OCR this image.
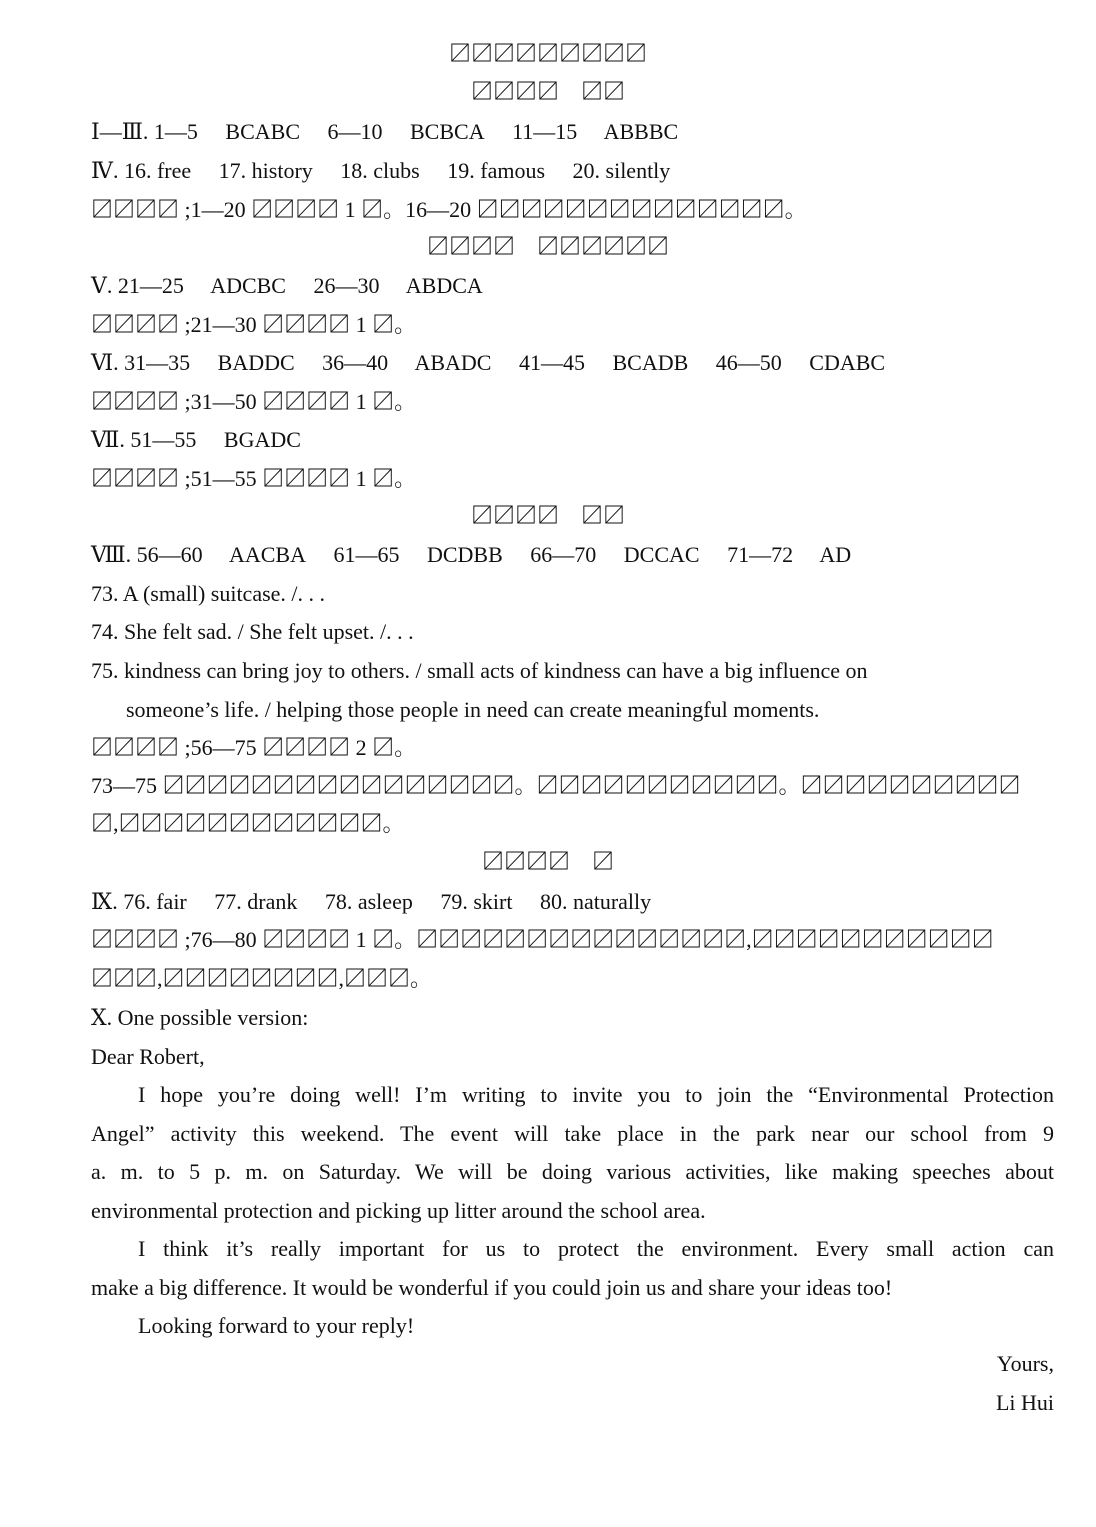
〼〼〼〼〼〼〼〼〼
〼〼〼〼　〼〼
Ⅰ—Ⅲ. 1—5 BCABC 6—10 BCBCA 11—15 ABBBC
Ⅳ. 16. free 17. history 18. clubs 19. famous 20. silently
〼〼〼〼 ;1—20 〼〼〼〼 1 〼。16—20 〼〼〼〼〼〼〼〼〼〼〼〼〼〼。
〼〼〼〼　〼〼〼〼〼〼
Ⅴ. 21—25 ADCBC 26—30 ABDCA
〼〼〼〼 ;21—30 〼〼〼〼 1 〼。
Ⅵ. 31—35 BADDC 36—40 ABADC 41—45 BCADB 46—50 CDABC
〼〼〼〼 ;31—50 〼〼〼〼 1 〼。
Ⅶ. 51—55 BGADC
〼〼〼〼 ;51—55 〼〼〼〼 1 〼。
〼〼〼〼　〼〼
Ⅷ. 56—60 AACBA 61—65 DCDBB 66—70 DCCAC 71—72 AD
73. A (small) suitcase. /. . .
74. She felt sad. / She felt upset. /. . .
75. kindness can bring joy to others. / small acts of kindness can have a big influence on
someone’s life. / helping those people in need can create meaningful moments.
〼〼〼〼 ;56—75 〼〼〼〼 2 〼。
73—75 〼〼〼〼〼〼〼〼〼〼〼〼〼〼〼〼。〼〼〼〼〼〼〼〼〼〼〼。〼〼〼〼〼〼〼〼〼〼
〼,〼〼〼〼〼〼〼〼〼〼〼〼。
〼〼〼〼　〼
Ⅸ. 76. fair 77. drank 78. asleep 79. skirt 80. naturally
〼〼〼〼 ;76—80 〼〼〼〼 1 〼。〼〼〼〼〼〼〼〼〼〼〼〼〼〼〼,〼〼〼〼〼〼〼〼〼〼〼
〼〼〼,〼〼〼〼〼〼〼〼,〼〼〼。
Ⅹ. One possible version:
Dear Robert,
I hope you’re doing well! I’m writing to invite you to join the “Environmental Protection
Angel” activity this weekend. The event will take place in the park near our school from 9
a. m. to 5 p. m. on Saturday. We will be doing various activities, like making speeches about
environmental protection and picking up litter around the school area.
I think it’s really important for us to protect the environment. Every small action can
make a big difference. It would be wonderful if you could join us and share your ideas too!
Looking forward to your reply!
Yours,
Li Hui
